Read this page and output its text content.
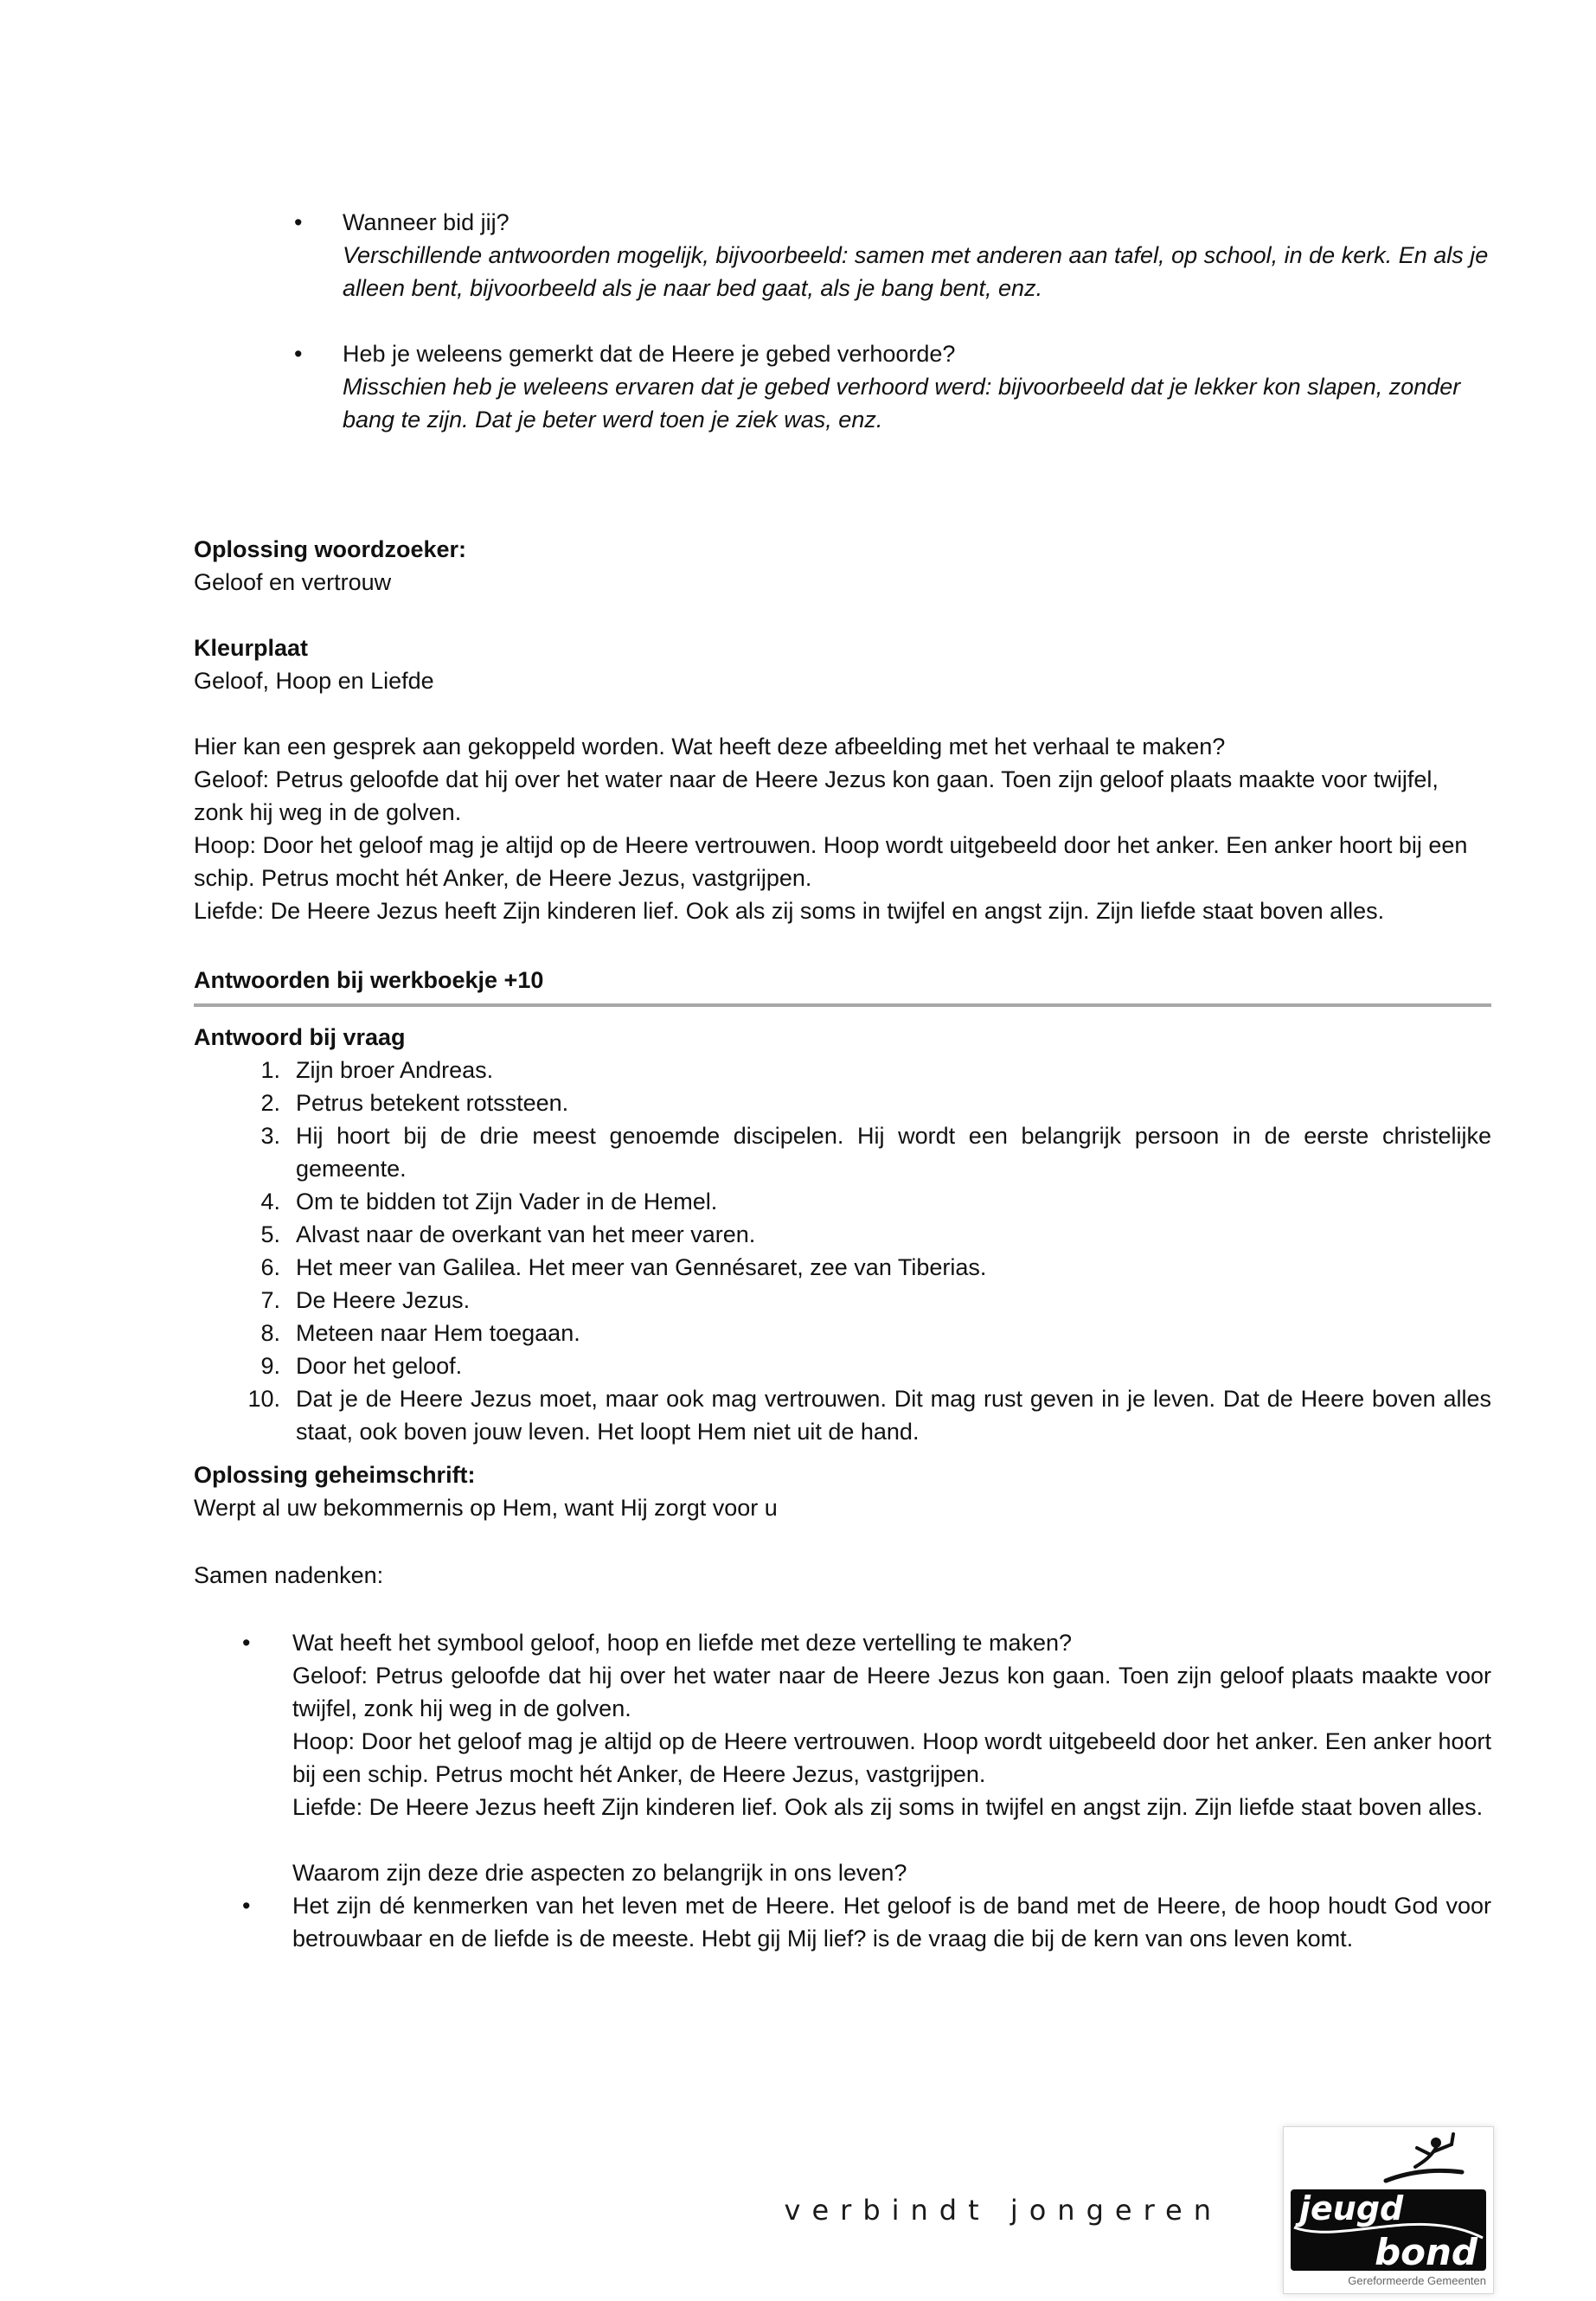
•	Wanneer bid jij?

Verschillende antwoorden mogelijk, bijvoorbeeld: samen met anderen aan tafel, op school, in de kerk. En als je alleen bent, bijvoorbeeld als je naar bed gaat, als je bang bent, enz.

•	Heb je weleens gemerkt dat de Heere je gebed verhoorde?

Misschien heb je weleens ervaren dat je gebed verhoord werd: bijvoorbeeld dat je lekker kon slapen, zonder bang te zijn. Dat je beter werd toen je ziek was, enz.

Oplossing woordzoeker:

Geloof en vertrouw

Kleurplaat

Geloof, Hoop en Liefde

Hier kan een gesprek aan gekoppeld worden. Wat heeft deze afbeelding met het verhaal te maken?

Geloof: Petrus geloofde dat hij over het water naar de Heere Jezus kon gaan. Toen zijn geloof plaats maakte voor twijfel, zonk hij weg in de golven.

Hoop: Door het geloof mag je altijd op de Heere vertrouwen. Hoop wordt uitgebeeld door het anker. Een anker hoort bij een schip. Petrus mocht hét Anker, de Heere Jezus, vastgrijpen.

Liefde: De Heere Jezus heeft Zijn kinderen lief. Ook als zij soms in twijfel en angst zijn. Zijn liefde staat boven alles.

Antwoorden bij werkboekje +10
Antwoord bij vraag
1. Zijn broer Andreas.
2. Petrus betekent rotssteen.
3. Hij hoort bij de drie meest genoemde discipelen. Hij wordt een belangrijk persoon in de eerste christelijke gemeente.
4. Om te bidden tot Zijn Vader in de Hemel.
5. Alvast naar de overkant van het meer varen.
6. Het meer van Galilea. Het meer van Gennésaret, zee van Tiberias.
7. De Heere Jezus.
8. Meteen naar Hem toegaan.
9. Door het geloof.
10. Dat je de Heere Jezus moet, maar ook mag vertrouwen. Dit mag rust geven in je leven. Dat de Heere boven alles staat, ook boven jouw leven. Het loopt Hem niet uit de hand.
Oplossing geheimschrift:

Werpt al uw bekommernis op Hem, want Hij zorgt voor u

Samen nadenken:

•	Wat heeft het symbool geloof, hoop en liefde met deze vertelling te maken?

Geloof: Petrus geloofde dat hij over het water naar de Heere Jezus kon gaan. Toen zijn geloof plaats maakte voor twijfel, zonk hij weg in de golven.

Hoop: Door het geloof mag je altijd op de Heere vertrouwen. Hoop wordt uitgebeeld door het anker. Een anker hoort bij een schip. Petrus mocht hét Anker, de Heere Jezus, vastgrijpen.

Liefde: De Heere Jezus heeft Zijn kinderen lief. Ook als zij soms in twijfel en angst zijn. Zijn liefde staat boven alles.

Waarom zijn deze drie aspecten zo belangrijk in ons leven?

•	Het zijn dé kenmerken van het leven met de Heere. Het geloof is de band met de Heere, de hoop houdt God voor betrouwbaar en de liefde is de meeste. Hebt gij Mij lief? is de vraag die bij de kern van ons leven komt.

verbindt jongeren jeugd
bond
Gereformeerde Gemeenten
